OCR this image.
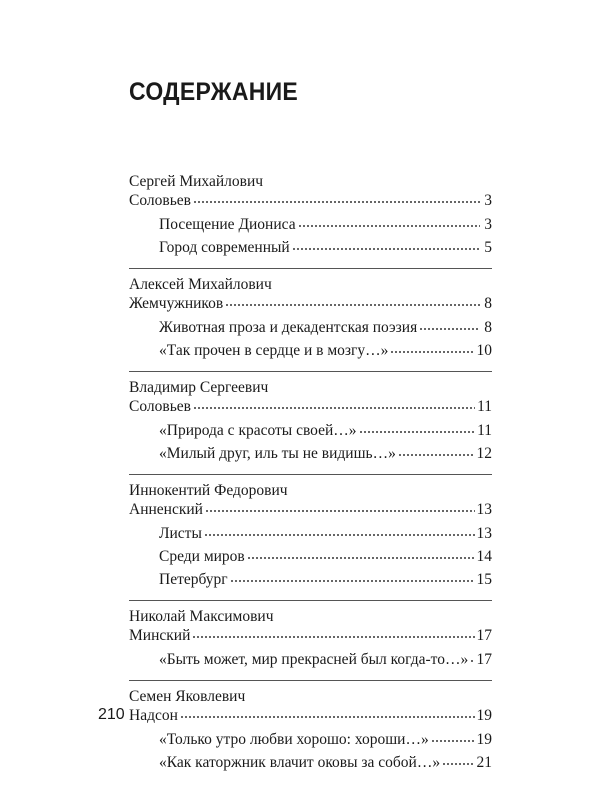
СОДЕРЖАНИЕ
Сергей Михайлович
Соловьев	3
Посещение Диониса	3
Город современный	5
Алексей Михайлович
Жемчужников	8
Животная проза и декадентская поэзия	8
«Так прочен в сердце и в мозгу…»	10
Владимир Сергеевич
Соловьев	11
«Природа с красоты своей…»	11
«Милый друг, иль ты не видишь…»	12
Иннокентий Федорович
Анненский	13
Листы	13
Среди миров	14
Петербург	15
Николай Максимович
Минский	17
«Быть может, мир прекрасней был когда-то…» 17
Семен Яковлевич
Надсон	19
«Только утро любви хорошо: хороши…»	19
«Как каторжник влачит оковы за собой…» 21
210
